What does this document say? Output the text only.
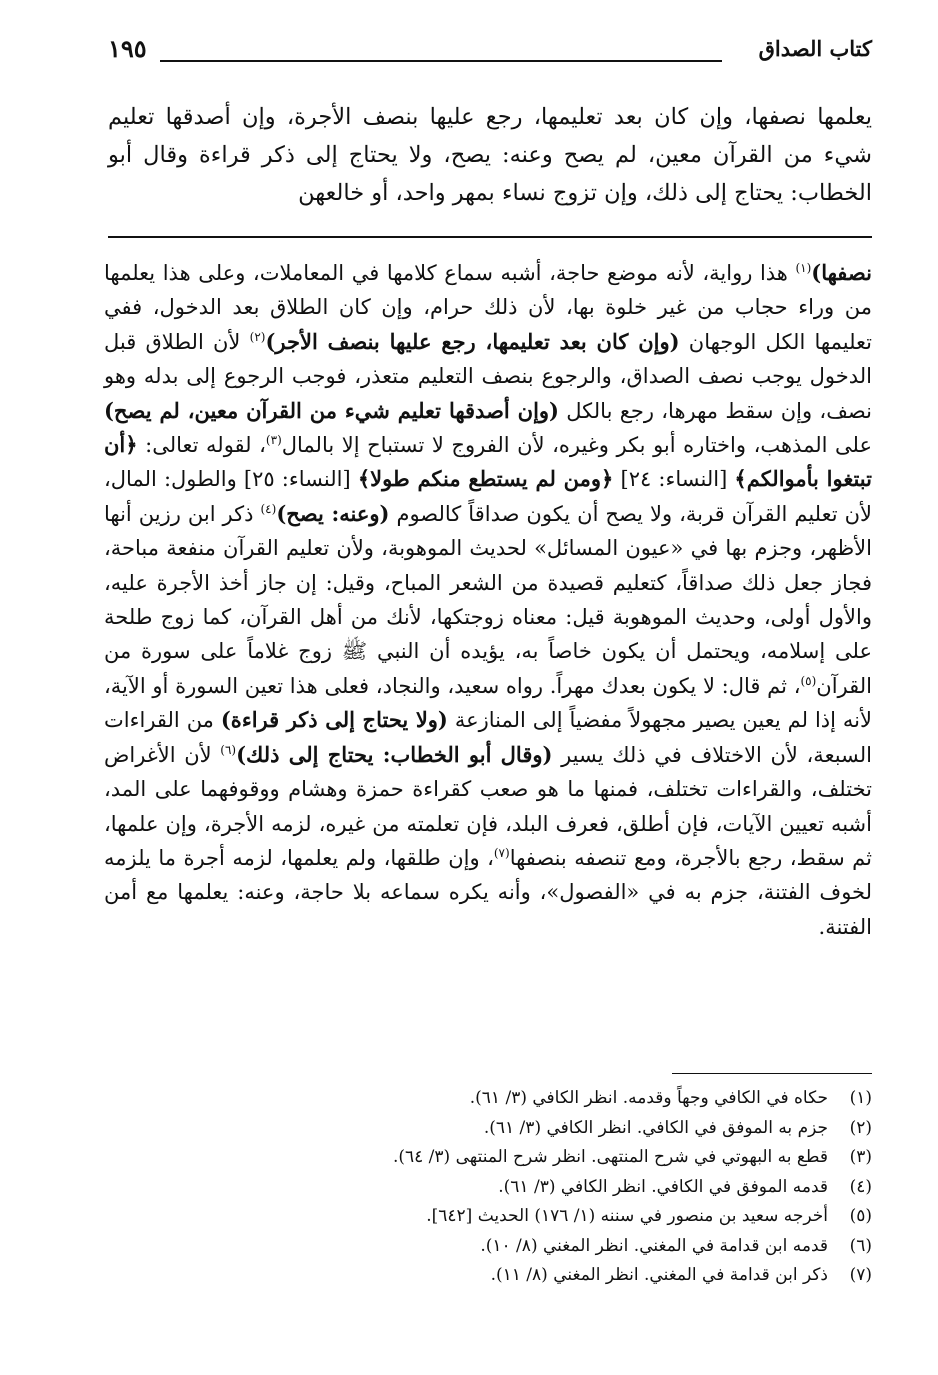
كتاب الصداق
١٩٥

يعلمها نصفها، وإن كان بعد تعليمها، رجع عليها بنصف الأجرة، وإن أصدقها تعليم شيء من القرآن معين، لم يصح وعنه: يصح، ولا يحتاج إلى ذكر قراءة وقال أبو الخطاب: يحتاج إلى ذلك، وإن تزوج نساء بمهر واحد، أو خالعهن

نصفها)$^{(١)}$ هذا رواية، لأنه موضع حاجة، أشبه سماع كلامها في المعاملات، وعلى هذا يعلمها من وراء حجاب من غير خلوة بها، لأن ذلك حرام، وإن كان الطلاق بعد الدخول، ففي تعليمها الكل الوجهان (وإن كان بعد تعليمها، رجع عليها بنصف الأجر)$^{(٢)}$ لأن الطلاق قبل الدخول يوجب نصف الصداق، والرجوع بنصف التعليم متعذر، فوجب الرجوع إلى بدله وهو نصف، وإن سقط مهرها، رجع بالكل (وإن أصدقها تعليم شيء من القرآن معين، لم يصح) على المذهب، واختاره أبو بكر وغيره، لأن الفروج لا تستباح إلا بالمال$^{(٣)}$، لقوله تعالى: ﴿أن تبتغوا بأموالكم﴾ [النساء: ٢٤] ﴿ومن لم يستطع منكم طولا﴾ [النساء: ٢٥] والطول: المال، لأن تعليم القرآن قربة، ولا يصح أن يكون صداقاً كالصوم (وعنه: يصح)$^{(٤)}$ ذكر ابن رزين أنها الأظهر، وجزم بها في «عيون المسائل» لحديث الموهوبة، ولأن تعليم القرآن منفعة مباحة، فجاز جعل ذلك صداقاً، كتعليم قصيدة من الشعر المباح، وقيل: إن جاز أخذ الأجرة عليه، والأول أولى، وحديث الموهوبة قيل: معناه زوجتكها، لأنك من أهل القرآن، كما زوج طلحة على إسلامه، ويحتمل أن يكون خاصاً به، يؤيده أن النبي ﷺ زوج غلاماً على سورة من القرآن$^{(٥)}$، ثم قال: لا يكون بعدك مهراً. رواه سعيد، والنجاد، فعلى هذا تعين السورة أو الآية، لأنه إذا لم يعين يصير مجهولاً مفضياً إلى المنازعة (ولا يحتاج إلى ذكر قراءة) من القراءات السبعة، لأن الاختلاف في ذلك يسير (وقال أبو الخطاب: يحتاج إلى ذلك)$^{(٦)}$ لأن الأغراض تختلف، والقراءات تختلف، فمنها ما هو صعب كقراءة حمزة وهشام ووقوفهما على المد، أشبه تعيين الآيات، فإن أطلق، فعرف البلد، فإن تعلمته من غيره، لزمه الأجرة، وإن علمها، ثم سقط، رجع بالأجرة، ومع تنصفه بنصفها$^{(٧)}$، وإن طلقها، ولم يعلمها، لزمه أجرة ما يلزمه لخوف الفتنة، جزم به في «الفصول»، وأنه يكره سماعه بلا حاجة، وعنه: يعلمها مع أمن الفتنة.

(١)حكاه في الكافي وجهاً وقدمه. انظر الكافي (٣/ ٦١).
(٢)جزم به الموفق في الكافي. انظر الكافي (٣/ ٦١).
(٣)قطع به البهوتي في شرح المنتهى. انظر شرح المنتهى (٣/ ٦٤).
(٤)قدمه الموفق في الكافي. انظر الكافي (٣/ ٦١).
(٥)أخرجه سعيد بن منصور في سننه (١/ ١٧٦) الحديث [٦٤٢].
(٦)قدمه ابن قدامة في المغني. انظر المغني (٨/ ١٠).
(٧)ذكر ابن قدامة في المغني. انظر المغني (٨/ ١١).
